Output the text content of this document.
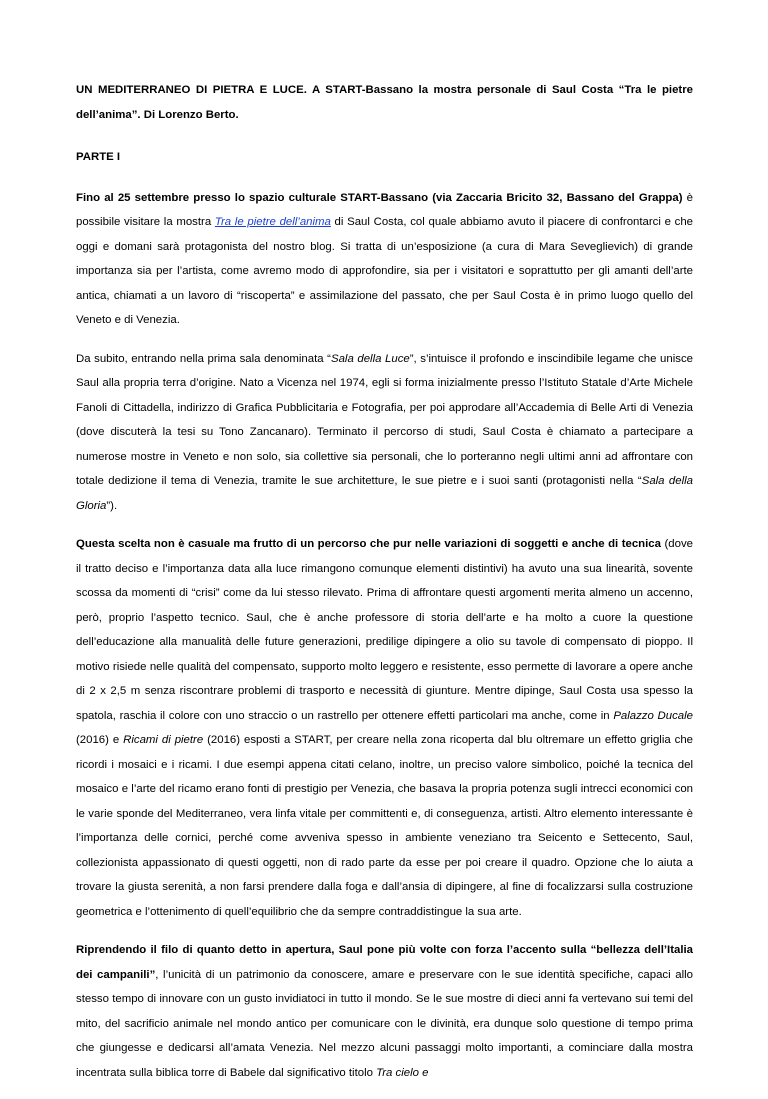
UN MEDITERRANEO DI PIETRA E LUCE. A START-Bassano la mostra personale di Saul Costa “Tra le pietre dell’anima”. Di Lorenzo Berto.

PARTE I

Fino al 25 settembre presso lo spazio culturale START-Bassano (via Zaccaria Bricito 32, Bassano del Grappa) è possibile visitare la mostra Tra le pietre dell’anima di Saul Costa, col quale abbiamo avuto il piacere di confrontarci e che oggi e domani sarà protagonista del nostro blog. Si tratta di un’esposizione (a cura di Mara Seveglievich) di grande importanza sia per l’artista, come avremo modo di approfondire, sia per i visitatori e soprattutto per gli amanti dell’arte antica, chiamati a un lavoro di “riscoperta” e assimilazione del passato, che per Saul Costa è in primo luogo quello del Veneto e di Venezia.

Da subito, entrando nella prima sala denominata “Sala della Luce”, s’intuisce il profondo e inscindibile legame che unisce Saul alla propria terra d’origine. Nato a Vicenza nel 1974, egli si forma inizialmente presso l’Istituto Statale d’Arte Michele Fanoli di Cittadella, indirizzo di Grafica Pubblicitaria e Fotografia, per poi approdare all’Accademia di Belle Arti di Venezia (dove discuterà la tesi su Tono Zancanaro). Terminato il percorso di studi, Saul Costa è chiamato a partecipare a numerose mostre in Veneto e non solo, sia collettive sia personali, che lo porteranno negli ultimi anni ad affrontare con totale dedizione il tema di Venezia, tramite le sue architetture, le sue pietre e i suoi santi (protagonisti nella “Sala della Gloria”).

Questa scelta non è casuale ma frutto di un percorso che pur nelle variazioni di soggetti e anche di tecnica (dove il tratto deciso e l’importanza data alla luce rimangono comunque elementi distintivi) ha avuto una sua linearità, sovente scossa da momenti di “crisi” come da lui stesso rilevato. Prima di affrontare questi argomenti merita almeno un accenno, però, proprio l’aspetto tecnico. Saul, che è anche professore di storia dell’arte e ha molto a cuore la questione dell’educazione alla manualità delle future generazioni, predilige dipingere a olio su tavole di compensato di pioppo. Il motivo risiede nelle qualità del compensato, supporto molto leggero e resistente, esso permette di lavorare a opere anche di 2 x 2,5 m senza riscontrare problemi di trasporto e necessità di giunture. Mentre dipinge, Saul Costa usa spesso la spatola, raschia il colore con uno straccio o un rastrello per ottenere effetti particolari ma anche, come in Palazzo Ducale (2016) e Ricami di pietre (2016) esposti a START, per creare nella zona ricoperta dal blu oltremare un effetto griglia che ricordi i mosaici e i ricami. I due esempi appena citati celano, inoltre, un preciso valore simbolico, poiché la tecnica del mosaico e l’arte del ricamo erano fonti di prestigio per Venezia, che basava la propria potenza sugli intrecci economici con le varie sponde del Mediterraneo, vera linfa vitale per committenti e, di conseguenza, artisti. Altro elemento interessante è l’importanza delle cornici, perché come avveniva spesso in ambiente veneziano tra Seicento e Settecento, Saul, collezionista appassionato di questi oggetti, non di rado parte da esse per poi creare il quadro. Opzione che lo aiuta a trovare la giusta serenità, a non farsi prendere dalla foga e dall’ansia di dipingere, al fine di focalizzarsi sulla costruzione geometrica e l’ottenimento di quell’equilibrio che da sempre contraddistingue la sua arte.

Riprendendo il filo di quanto detto in apertura, Saul pone più volte con forza l’accento sulla “bellezza dell’Italia dei campanili”, l’unicità di un patrimonio da conoscere, amare e preservare con le sue identità specifiche, capaci allo stesso tempo di innovare con un gusto invidiatoci in tutto il mondo. Se le sue mostre di dieci anni fa vertevano sui temi del mito, del sacrificio animale nel mondo antico per comunicare con le divinità, era dunque solo questione di tempo prima che giungesse e dedicarsi all’amata Venezia. Nel mezzo alcuni passaggi molto importanti, a cominciare dalla mostra incentrata sulla biblica torre di Babele dal significativo titolo Tra cielo e
